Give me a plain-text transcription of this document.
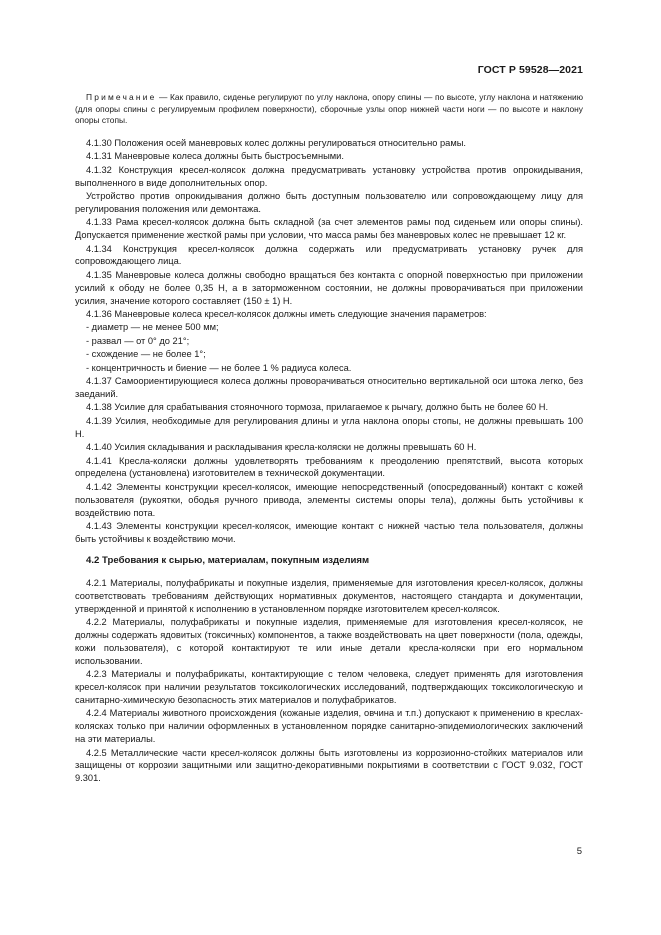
ГОСТ Р 59528—2021
Примечание — Как правило, сиденье регулируют по углу наклона, опору спины — по высоте, углу наклона и натяжению (для опоры спины с регулируемым профилем поверхности), сборочные узлы опор нижней части ноги — по высоте и наклону опоры стопы.

4.1.30 Положения осей маневровых колес должны регулироваться относительно рамы.

4.1.31 Маневровые колеса должны быть быстросъемными.

4.1.32 Конструкция кресел-колясок должна предусматривать установку устройства против опрокидывания, выполненного в виде дополнительных опор.

Устройство против опрокидывания должно быть доступным пользователю или сопровождающему лицу для регулирования положения или демонтажа.

4.1.33 Рама кресел-колясок должна быть складной (за счет элементов рамы под сиденьем или опоры спины). Допускается применение жесткой рамы при условии, что масса рамы без маневровых колес не превышает 12 кг.

4.1.34 Конструкция кресел-колясок должна содержать или предусматривать установку ручек для сопровождающего лица.

4.1.35 Маневровые колеса должны свободно вращаться без контакта с опорной поверхностью при приложении усилий к ободу не более 0,35 Н, а в заторможенном состоянии, не должны проворачиваться при приложении усилия, значение которого составляет (150 ± 1) Н.

4.1.36 Маневровые колеса кресел-колясок должны иметь следующие значения параметров:

- диаметр — не менее 500 мм;

- развал — от 0° до 21°;

- схождение — не более 1°;

- концентричность и биение — не более 1 % радиуса колеса.

4.1.37 Самоориентирующиеся колеса должны проворачиваться относительно вертикальной оси штока легко, без заеданий.

4.1.38 Усилие для срабатывания стояночного тормоза, прилагаемое к рычагу, должно быть не более 60 Н.

4.1.39 Усилия, необходимые для регулирования длины и угла наклона опоры стопы, не должны превышать 100 Н.

4.1.40 Усилия складывания и раскладывания кресла-коляски не должны превышать 60 Н.

4.1.41 Кресла-коляски должны удовлетворять требованиям к преодолению препятствий, высота которых определена (установлена) изготовителем в технической документации.

4.1.42 Элементы конструкции кресел-колясок, имеющие непосредственный (опосредованный) контакт с кожей пользователя (рукоятки, ободья ручного привода, элементы системы опоры тела), должны быть устойчивы к воздействию пота.

4.1.43 Элементы конструкции кресел-колясок, имеющие контакт с нижней частью тела пользователя, должны быть устойчивы к воздействию мочи.

4.2 Требования к сырью, материалам, покупным изделиям

4.2.1 Материалы, полуфабрикаты и покупные изделия, применяемые для изготовления кресел-колясок, должны соответствовать требованиям действующих нормативных документов, настоящего стандарта и документации, утвержденной и принятой к исполнению в установленном порядке изготовителем кресел-колясок.

4.2.2 Материалы, полуфабрикаты и покупные изделия, применяемые для изготовления кресел-колясок, не должны содержать ядовитых (токсичных) компонентов, а также воздействовать на цвет поверхности (пола, одежды, кожи пользователя), с которой контактируют те или иные детали кресла-коляски при его нормальном использовании.

4.2.3 Материалы и полуфабрикаты, контактирующие с телом человека, следует применять для изготовления кресел-колясок при наличии результатов токсикологических исследований, подтверждающих токсикологическую и санитарно-химическую безопасность этих материалов и полуфабрикатов.

4.2.4 Материалы животного происхождения (кожаные изделия, овчина и т.п.) допускают к применению в креслах-колясках только при наличии оформленных в установленном порядке санитарно-эпидемиологических заключений на эти материалы.

4.2.5 Металлические части кресел-колясок должны быть изготовлены из коррозионно-стойких материалов или защищены от коррозии защитными или защитно-декоративными покрытиями в соответствии с ГОСТ 9.032, ГОСТ 9.301.

5
